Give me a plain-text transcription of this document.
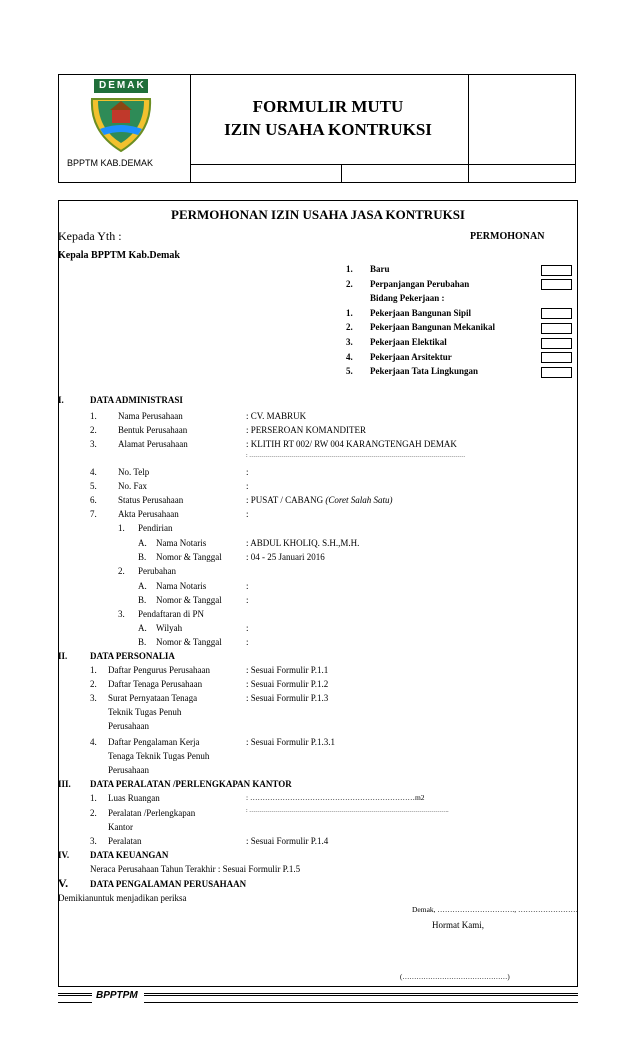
DEMAK
BPPTM KAB.DEMAK
FORMULIR MUTU
IZIN USAHA KONTRUKSI
PERMOHONAN IZIN USAHA JASA KONTRUKSI
Kepada Yth :	PERMOHONAN
Kepala BPPTM Kab.Demak
1. Baru
2. Perpanjangan Perubahan
Bidang Pekerjaan :
1. Pekerjaan Bangunan Sipil
2. Pekerjaan Bangunan Mekanikal
3. Pekerjaan Elektikal
4. Pekerjaan Arsitektur
5. Pekerjaan Tata Lingkungan
I.	DATA ADMINISTRASI
1. Nama Perusahaan	: CV. MABRUK
2. Bentuk Perusahaan	: PERSEROAN KOMANDITER
3. Alamat Perusahaan	: KLITIH RT 002/ RW 004 KARANGTENGAH DEMAK
: ………………………………………………………………………………………………
4. No. Telp	:
5. No. Fax	:
6. Status Perusahaan	: PUSAT / CABANG (Coret Salah Satu)
7. Akta Perusahaan	:
1. Pendirian
A. Nama Notaris	: ABDUL KHOLIQ. S.H.,M.H.
B. Nomor & Tanggal	: 04 - 25 Januari 2016
2. Perubahan
A. Nama Notaris	:
B. Nomor & Tanggal	:
3. Pendaftaran di PN
A. Wilyah	:
B. Nomor & Tanggal	:
II.	DATA PERSONALIA
1. Daftar Pengurus Perusahaan	: Sesuai Formulir P.1.1
2. Daftar Tenaga Perusahaan	: Sesuai Formulir P.1.2
3. Surat Pernyataan Tenaga	: Sesuai Formulir P.1.3
Teknik Tugas Penuh
Perusahaan
4. Daftar Pengalaman Kerja	: Sesuai Formulir P.1.3.1
Tenaga Teknik Tugas Penuh
Perusahaan
III. DATA PERALATAN /PERLENGKAPAN KANTOR
1. Luas Ruangan	: …………………………………………………………m2
2. Peralatan /Perlengkapan	: ……………………………………………………………………………………….
Kantor
3. Peralatan	: Sesuai Formulir P.1.4
IV. DATA KEUANGAN
Neraca Perusahaan Tahun Terakhir : Sesuai Formulir P.1.5
V. DATA PENGALAMAN PERUSAHAAN
Demikianuntuk menjadikan periksa
Demak, …………………………., ……………………
Hormat Kami,
(………………………………………)
BPPTPM
